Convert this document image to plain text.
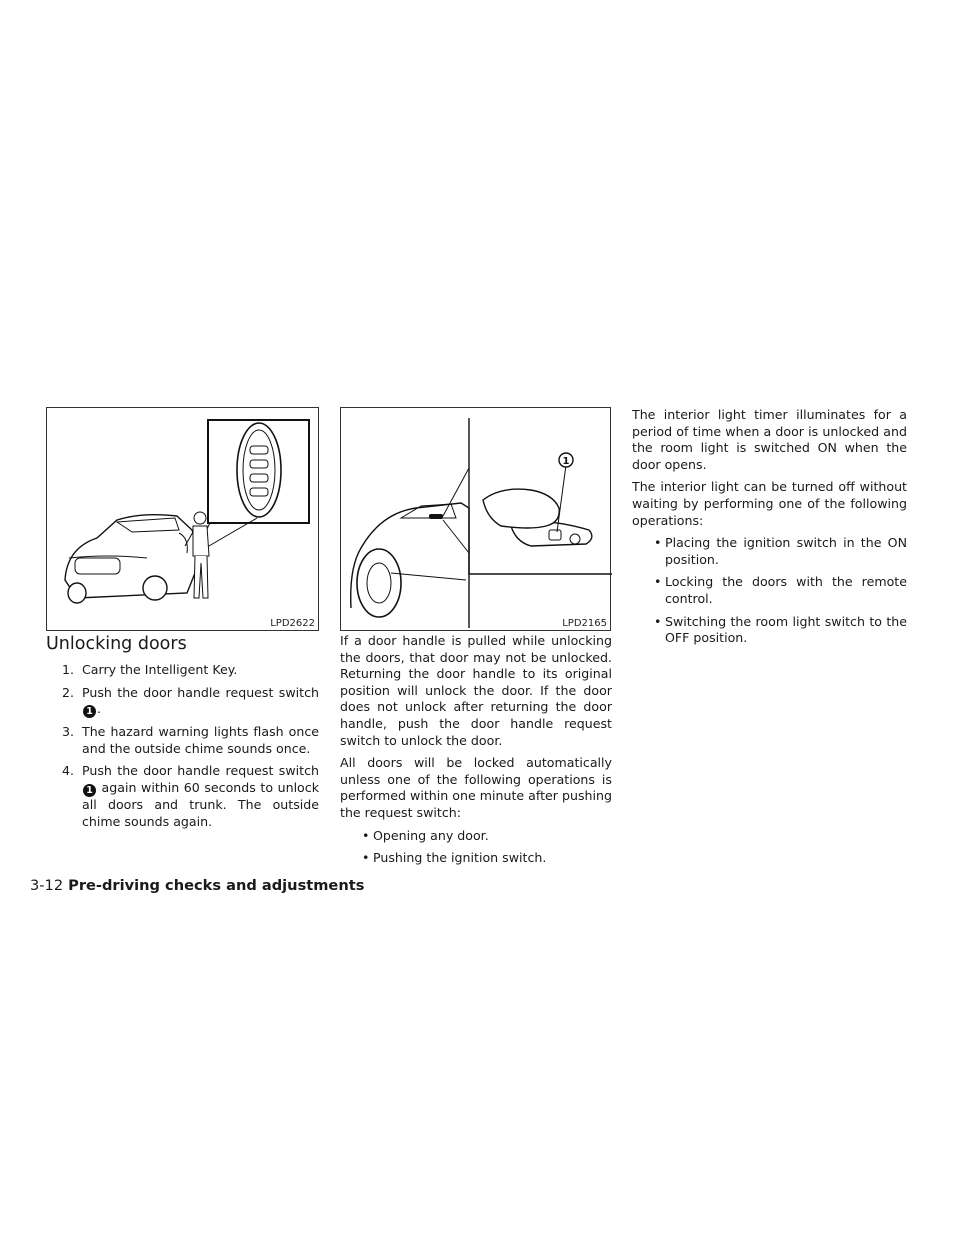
LPD2622
1
LPD2165
Unlocking doors
1. Carry the Intelligent Key.
2. Push the door handle request switch 1 .
3. The hazard warning lights flash once and the outside chime sounds once.
4. Push the door handle request switch 1 again within 60 seconds to unlock all doors and trunk. The outside chime sounds again.

If a door handle is pulled while unlocking the doors, that door may not be unlocked. Returning the door handle to its original position will unlock the door. If the door does not unlock after returning the door handle, push the door handle request switch to unlock the door.

All doors will be locked automatically unless one of the following operations is performed within one minute after pushing the request switch:

• Opening any door.
• Pushing the ignition switch.

The interior light timer illuminates for a period of time when a door is unlocked and the room light is switched ON when the door opens.

The interior light can be turned off without waiting by performing one of the following operations:

• Placing the ignition switch in the ON position.
• Locking the doors with the remote control.
• Switching the room light switch to the OFF position.
3-12 Pre-driving checks and adjustments
